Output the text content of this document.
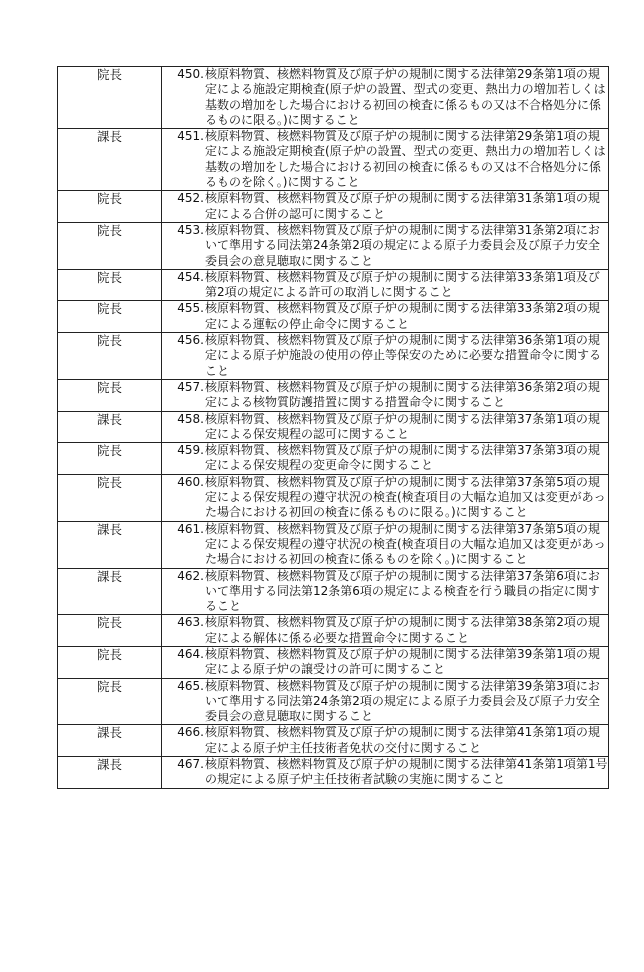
院長	450. 核原料物質、核燃料物質及び原子炉の規制に関する法律第29条第1項の規定による施設定期検査(原子炉の設置、型式の変更、熱出力の増加若しくは基数の増加をした場合における初回の検査に係るもの又は不合格処分に係るものに限る。)に関すること

課長	451. 核原料物質、核燃料物質及び原子炉の規制に関する法律第29条第1項の規定による施設定期検査(原子炉の設置、型式の変更、熱出力の増加若しくは基数の増加をした場合における初回の検査に係るもの又は不合格処分に係るものを除く。)に関すること

院長	452. 核原料物質、核燃料物質及び原子炉の規制に関する法律第31条第1項の規定による合併の認可に関すること

院長	453. 核原料物質、核燃料物質及び原子炉の規制に関する法律第31条第2項において準用する同法第24条第2項の規定による原子力委員会及び原子力安全委員会の意見聴取に関すること

院長	454. 核原料物質、核燃料物質及び原子炉の規制に関する法律第33条第1項及び第2項の規定による許可の取消しに関すること

院長	455. 核原料物質、核燃料物質及び原子炉の規制に関する法律第33条第2項の規定による運転の停止命令に関すること

院長	456. 核原料物質、核燃料物質及び原子炉の規制に関する法律第36条第1項の規定による原子炉施設の使用の停止等保安のために必要な措置命令に関すること

院長	457. 核原料物質、核燃料物質及び原子炉の規制に関する法律第36条第2項の規定による核物質防護措置に関する措置命令に関すること

課長	458. 核原料物質、核燃料物質及び原子炉の規制に関する法律第37条第1項の規定による保安規程の認可に関すること

院長	459. 核原料物質、核燃料物質及び原子炉の規制に関する法律第37条第3項の規定による保安規程の変更命令に関すること

院長	460. 核原料物質、核燃料物質及び原子炉の規制に関する法律第37条第5項の規定による保安規程の遵守状況の検査(検査項目の大幅な追加又は変更があった場合における初回の検査に係るものに限る。)に関すること

課長	461. 核原料物質、核燃料物質及び原子炉の規制に関する法律第37条第5項の規定による保安規程の遵守状況の検査(検査項目の大幅な追加又は変更があった場合における初回の検査に係るものを除く。)に関すること

課長	462. 核原料物質、核燃料物質及び原子炉の規制に関する法律第37条第6項において準用する同法第12条第6項の規定による検査を行う職員の指定に関すること

院長	463. 核原料物質、核燃料物質及び原子炉の規制に関する法律第38条第2項の規定による解体に係る必要な措置命令に関すること

院長	464. 核原料物質、核燃料物質及び原子炉の規制に関する法律第39条第1項の規定による原子炉の譲受けの許可に関すること

院長	465. 核原料物質、核燃料物質及び原子炉の規制に関する法律第39条第3項において準用する同法第24条第2項の規定による原子力委員会及び原子力安全委員会の意見聴取に関すること

課長	466. 核原料物質、核燃料物質及び原子炉の規制に関する法律第41条第1項の規定による原子炉主任技術者免状の交付に関すること

課長	467. 核原料物質、核燃料物質及び原子炉の規制に関する法律第41条第1項第1号の規定による原子炉主任技術者試験の実施に関すること
